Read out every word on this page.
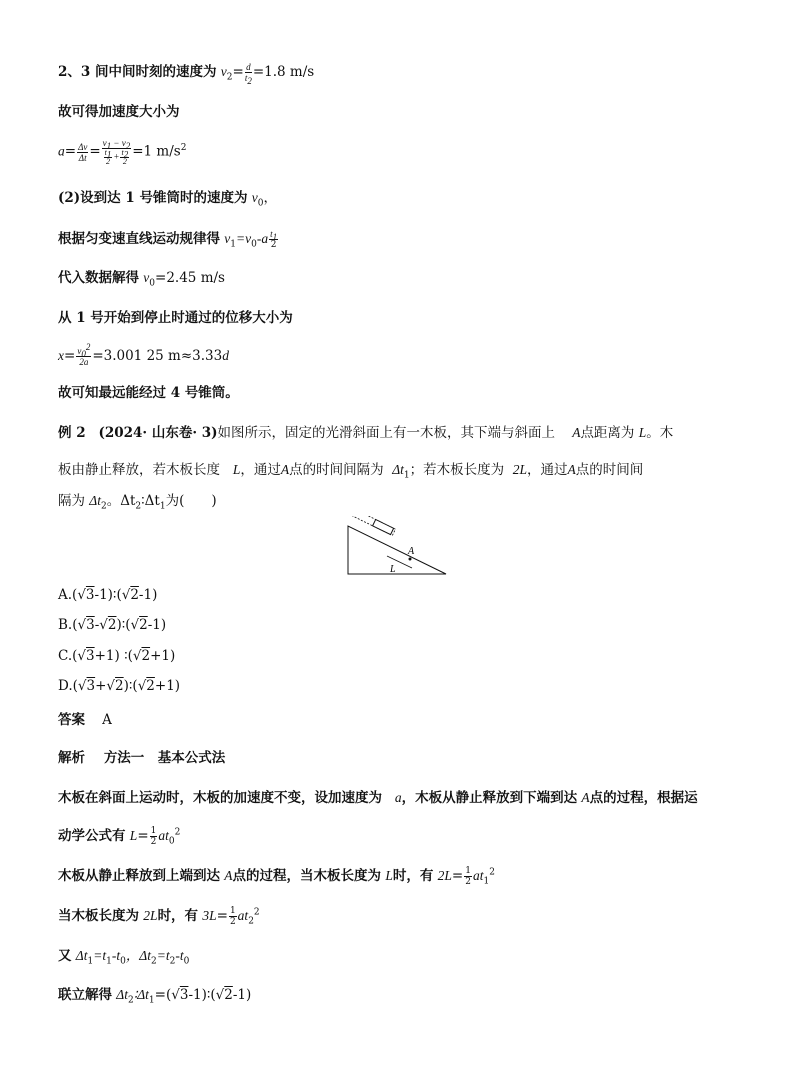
2、3 间中间时刻的速度为 $v_2= \frac{d}{t_2} =1.8$ m/s
故可得加速度大小为
$a= \frac{\Delta v}{\Delta t} = \frac{v_1 - v_2}{\frac{t_1}{2} + \frac{t_2}{2}} =1$ $m/s^2$
(2)设到达 1 号锥筒时的速度为 $v_0$，
根据匀变速直线运动规律得 $v_1=v_0-a \frac{t_1}{2}$
代入数据解得 $v_0=2.45$ m/s
从 1 号开始到停止时通过的位移大小为
$x= \frac{v_0^2}{2a} =3.001$ 25 m≈3.33d
故可知最远能经过 4 号锥筒。
例 2 (2024· 山东卷· 3)如图所示，固定的光滑斜面上有一木板，其下端与斜面上 A点距离为 L。木
板由静止释放，若木板长度 L，通过A点的时间间隔为 $\Delta t_1$；若木板长度为 2L，通过A点的时间间
隔为 $\Delta t_2$。$\Delta t_2∶\Delta t_1$为(　　)
A
L
A.(√3-1)∶(√2-1)
B.(√3-√2)∶(√2-1)
C.(√3+1) ∶(√2+1)
D.(√3+√2)∶(√2+1)
答案 A
解析 方法一　基本公式法
木板在斜面上运动时，木板的加速度不变，设加速度为 a，木板从静止释放到下端到达 A点的过程，根据运
动学公式有 $L= \frac{1}{2} at_0^2$
木板从静止释放到上端到达 A点的过程，当木板长度为 L时，有 $2L= \frac{1}{2} at_1^2$
当木板长度为 2L时，有 $3L= \frac{1}{2} at_2^2$
又 $\Delta t_1=t_1-t_0$，$\Delta t_2=t_2-t_0$
联立解得 $\Delta t_2∶\Delta t_1=(√3-1)∶(√2-1)$
